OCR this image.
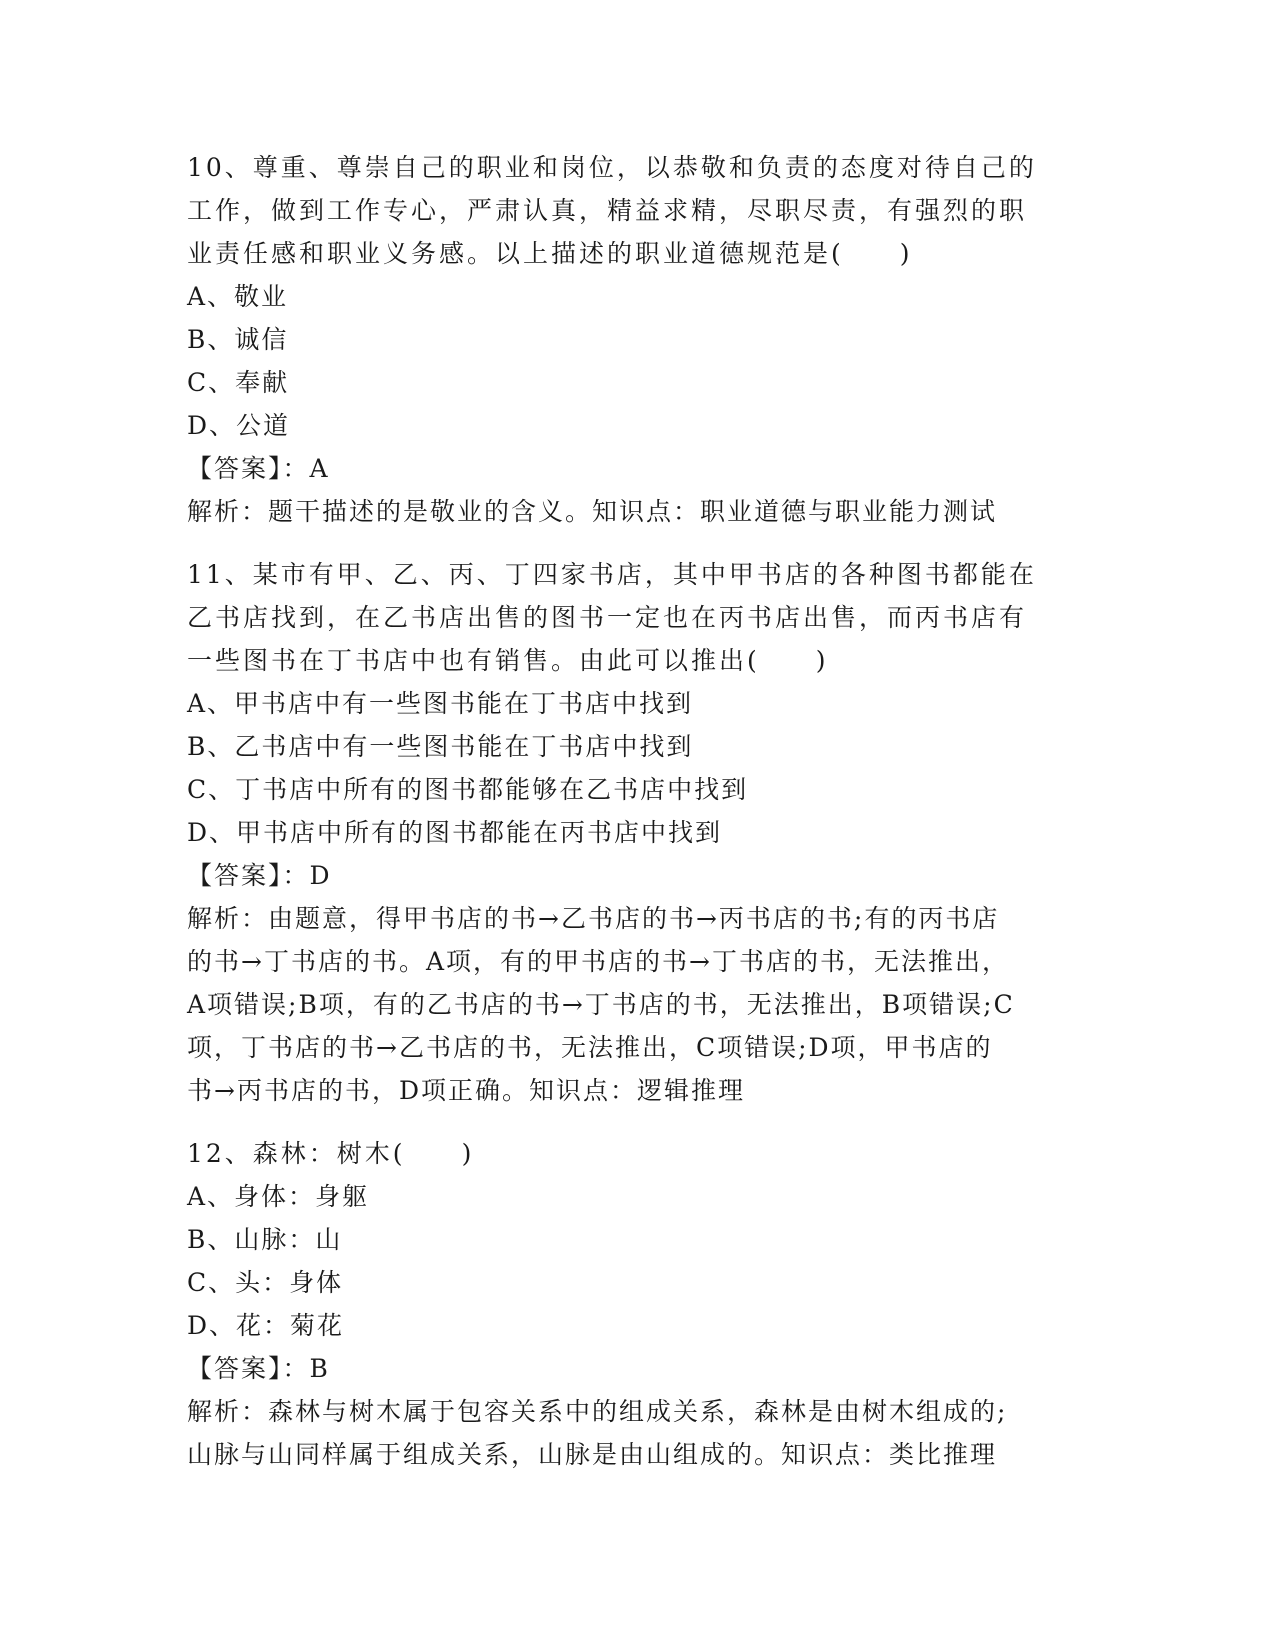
10、尊重、尊崇自己的职业和岗位，以恭敬和负责的态度对待自己的
工作，做到工作专心，严肃认真，精益求精，尽职尽责，有强烈的职
业责任感和职业义务感。以上描述的职业道德规范是(　　)
A、敬业
B、诚信
C、奉献
D、公道
【答案】：A
解析：题干描述的是敬业的含义。知识点：职业道德与职业能力测试
11、某市有甲、乙、丙、丁四家书店，其中甲书店的各种图书都能在
乙书店找到，在乙书店出售的图书一定也在丙书店出售，而丙书店有
一些图书在丁书店中也有销售。由此可以推出(　　)
A、甲书店中有一些图书能在丁书店中找到
B、乙书店中有一些图书能在丁书店中找到
C、丁书店中所有的图书都能够在乙书店中找到
D、甲书店中所有的图书都能在丙书店中找到
【答案】：D
解析：由题意，得甲书店的书→乙书店的书→丙书店的书;有的丙书店
的书→丁书店的书。A项，有的甲书店的书→丁书店的书，无法推出，
A项错误;B项，有的乙书店的书→丁书店的书，无法推出，B项错误;C
项，丁书店的书→乙书店的书，无法推出，C项错误;D项，甲书店的
书→丙书店的书，D项正确。知识点：逻辑推理
12、森林：树木(　　)
A、身体：身躯
B、山脉：山
C、头：身体
D、花：菊花
【答案】：B
解析：森林与树木属于包容关系中的组成关系，森林是由树木组成的;
山脉与山同样属于组成关系，山脉是由山组成的。知识点：类比推理
